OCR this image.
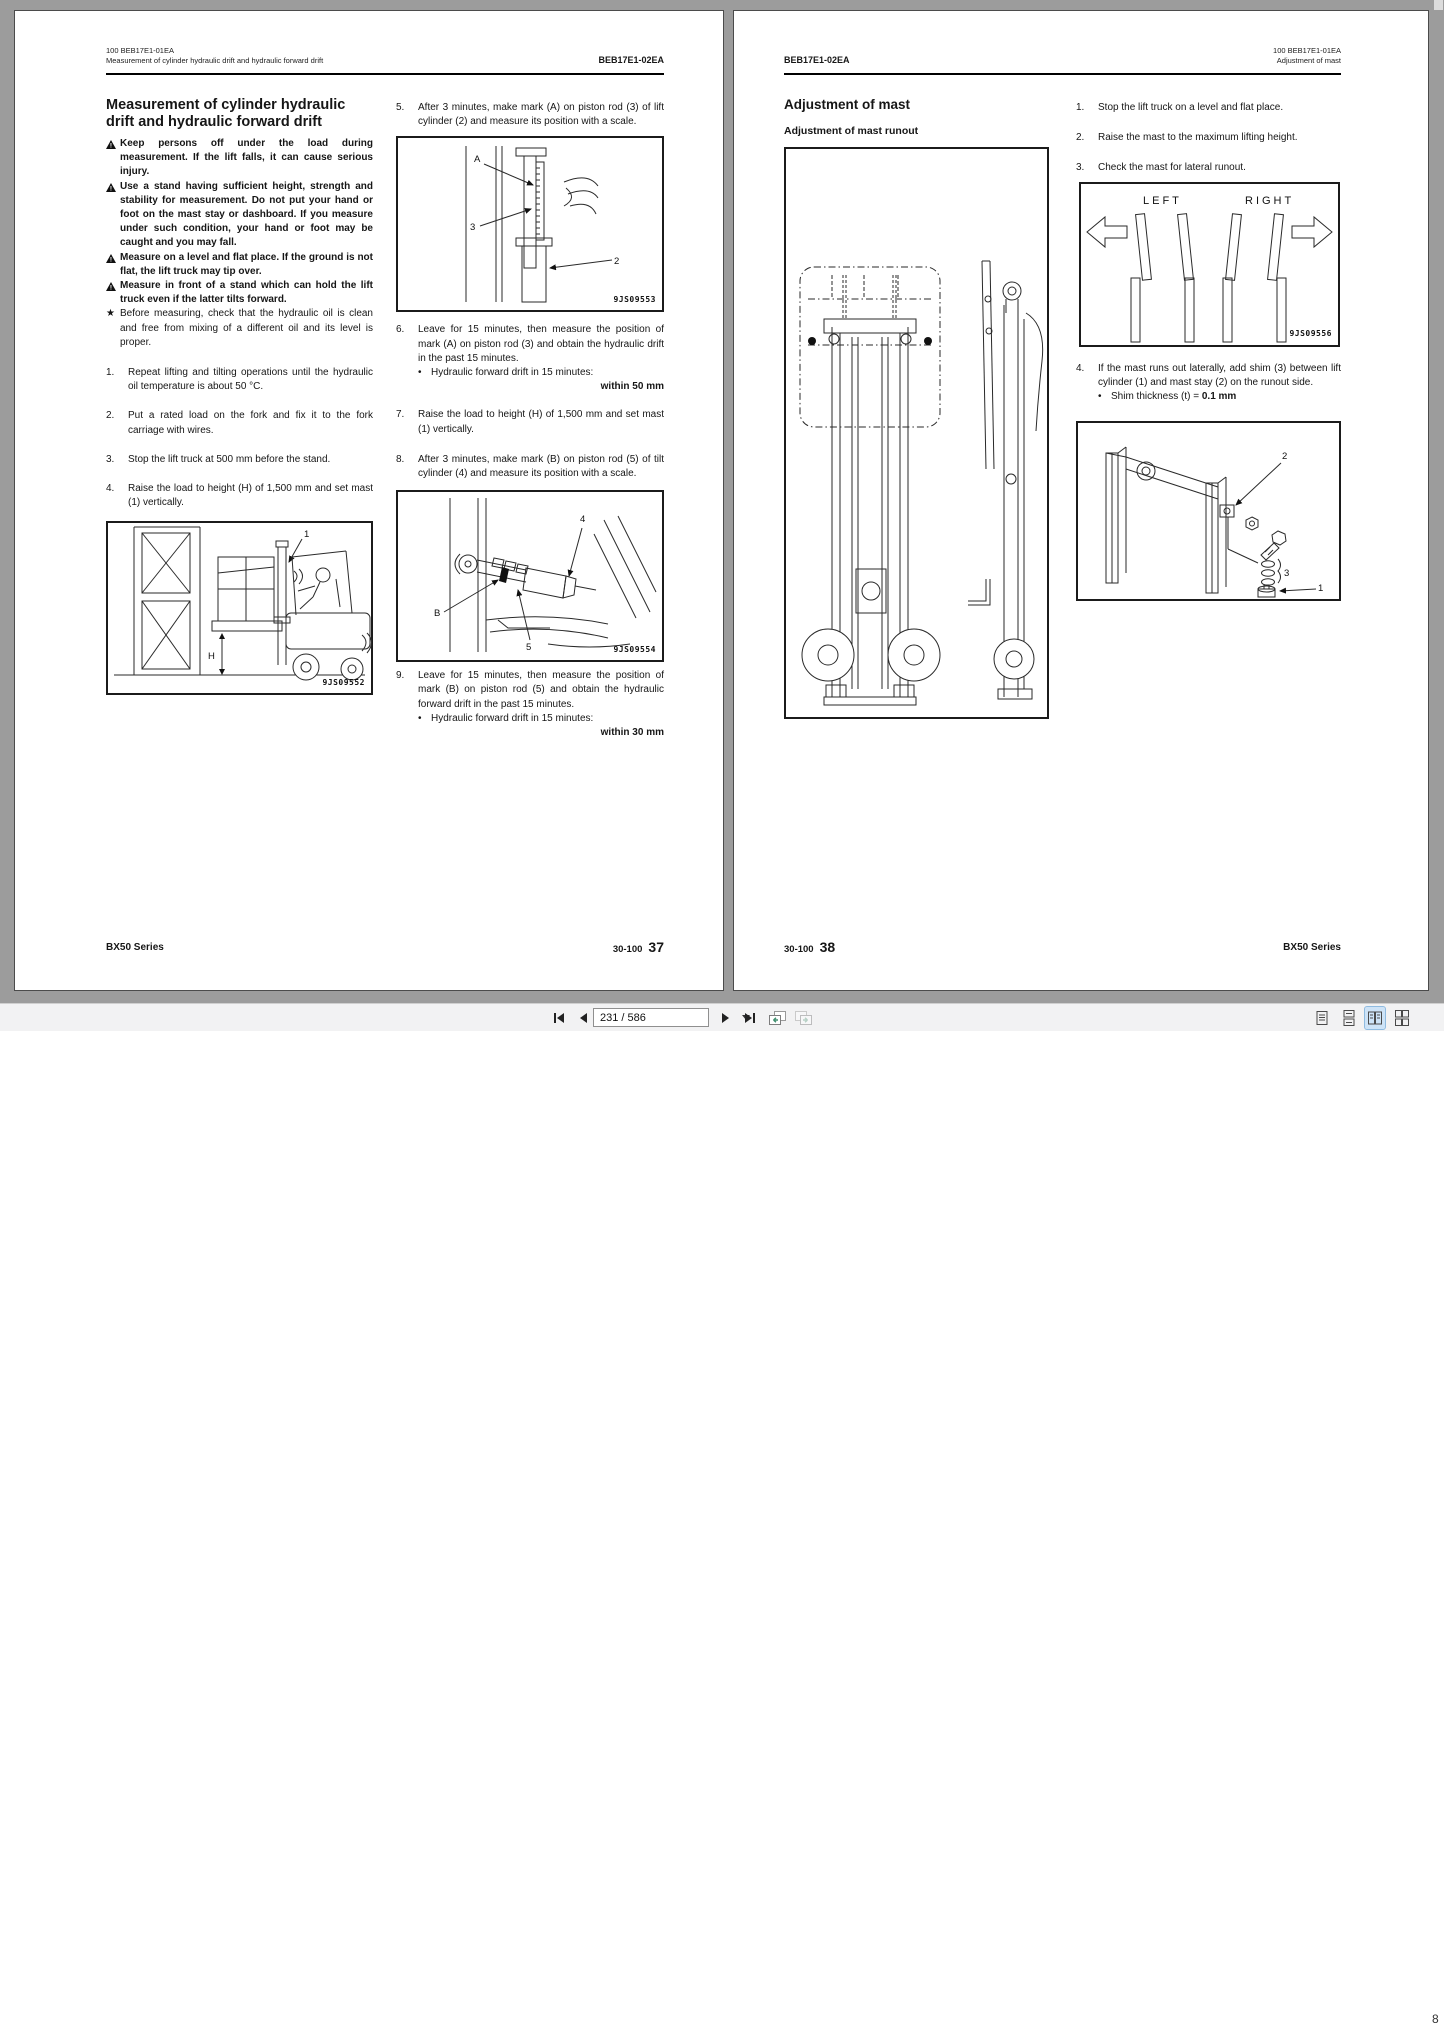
100 BEB17E1-01EA
Measurement of cylinder hydraulic drift and hydraulic forward drift	BEB17E1-02EA
Measurement of cylinder hydraulic drift and hydraulic forward drift
! Keep persons off under the load during measurement. If the lift falls, it can cause serious injury.
! Use a stand having sufficient height, strength and stability for measurement. Do not put your hand or foot on the mast stay or dashboard. If you measure under such condition, your hand or foot may be caught and you may fall.
! Measure on a level and flat place. If the ground is not flat, the lift truck may tip over.
! Measure in front of a stand which can hold the lift truck even if the latter tilts forward.
★ Before measuring, check that the hydraulic oil is clean and free from mixing of a different oil and its level is proper.
1.	Repeat lifting and tilting operations until the hydraulic oil temperature is about 50 °C.
2.	Put a rated load on the fork and fix it to the fork carriage with wires.
3.	Stop the lift truck at 500 mm before the stand.
4.	Raise the load to height (H) of 1,500 mm and set mast (1) vertically.
1
H
9JS09552
5.	After 3 minutes, make mark (A) on piston rod (3) of lift cylinder (2) and measure its position with a scale.
A
3
2
9JS09553
6.	Leave for 15 minutes, then measure the position of mark (A) on piston rod (3) and obtain the hydraulic drift in the past 15 minutes.
• Hydraulic forward drift in 15 minutes:
within 50 mm
7.	Raise the load to height (H) of 1,500 mm and set mast (1) vertically.
8.	After 3 minutes, make mark (B) on piston rod (5) of tilt cylinder (4) and measure its position with a scale.
4
B
5	9JS09554
9.	Leave for 15 minutes, then measure the position of mark (B) on piston rod (5) and obtain the hydraulic forward drift in the past 15 minutes.
• Hydraulic forward drift in 15 minutes:
within 30 mm
BX50 Series	30-100 37
BEB17E1-02EA
100 BEB17E1-01EA
Adjustment of mast
Adjustment of mast
Adjustment of mast runout
1.	Stop the lift truck on a level and flat place.
2.	Raise the mast to the maximum lifting height.
3.	Check the mast for lateral runout.
LEFT	RIGHT
9JS09556
4.	If the mast runs out laterally, add shim (3) between lift cylinder (1) and mast stay (2) on the runout side.
• Shim thickness (t) = 0.1 mm
3
1
2
30-100 38	BX50 Series
231 / 586
8
